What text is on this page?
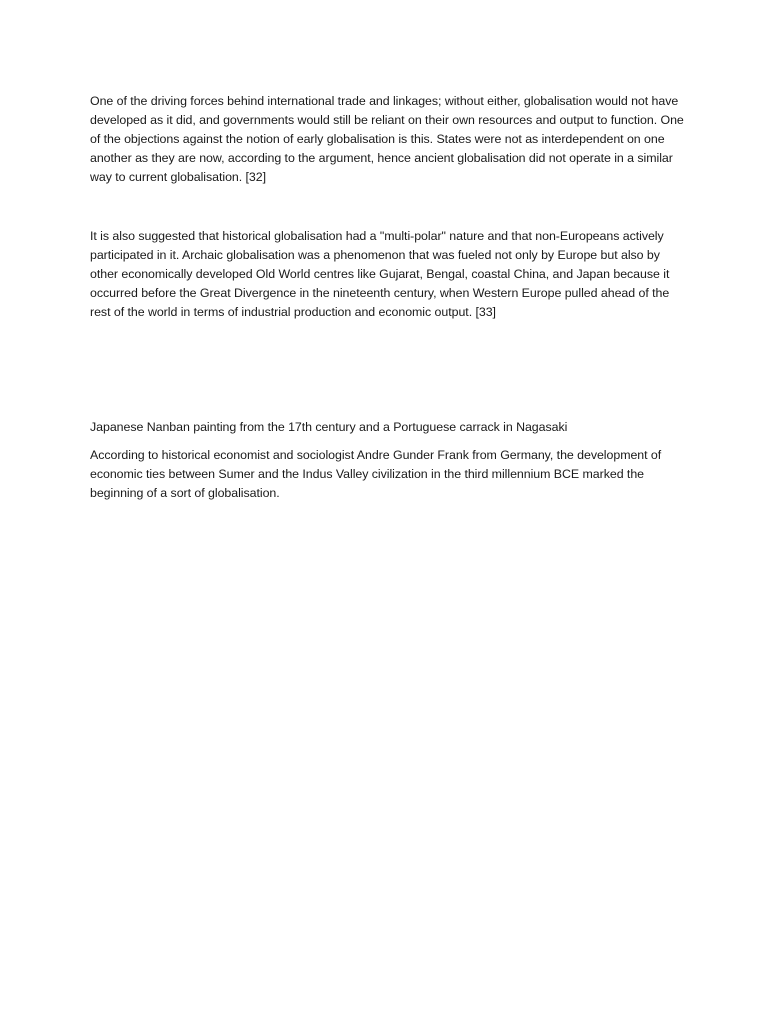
One of the driving forces behind international trade and linkages; without either, globalisation would not have developed as it did, and governments would still be reliant on their own resources and output to function. One of the objections against the notion of early globalisation is this. States were not as interdependent on one another as they are now, according to the argument, hence ancient globalisation did not operate in a similar way to current globalisation. [32]

It is also suggested that historical globalisation had a "multi-polar" nature and that non-Europeans actively participated in it. Archaic globalisation was a phenomenon that was fueled not only by Europe but also by other economically developed Old World centres like Gujarat, Bengal, coastal China, and Japan because it occurred before the Great Divergence in the nineteenth century, when Western Europe pulled ahead of the rest of the world in terms of industrial production and economic output. [33]

Japanese Nanban painting from the 17th century and a Portuguese carrack in Nagasaki

According to historical economist and sociologist Andre Gunder Frank from Germany, the development of economic ties between Sumer and the Indus Valley civilization in the third millennium BCE marked the beginning of a sort of globalisation.
